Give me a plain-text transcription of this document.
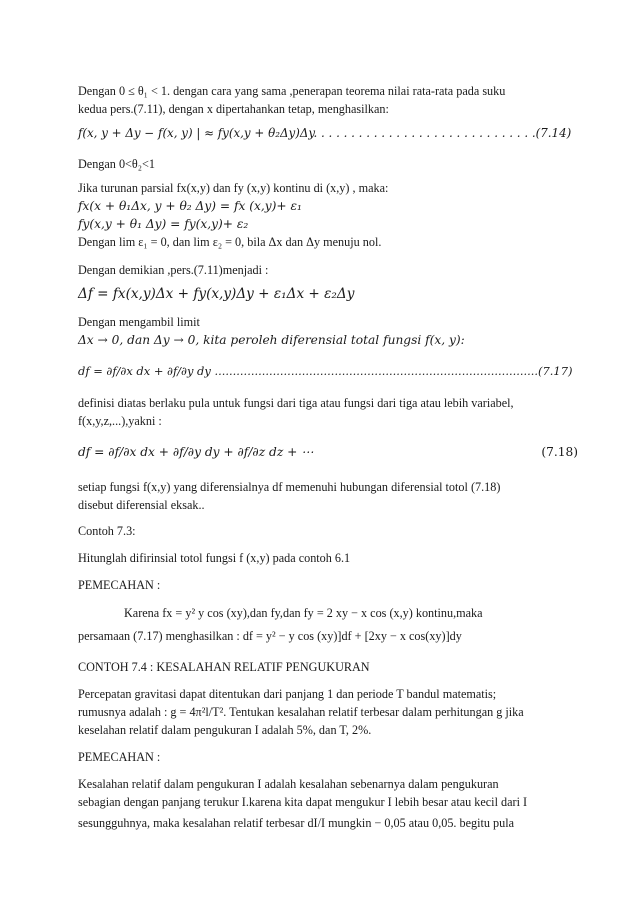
Dengan 0 ≤ θ₁ < 1. dengan cara yang sama ,penerapan teorema nilai rata-rata pada suku
kedua pers.(7.11), dengan x dipertahankan tetap, menghasilkan:
f(x, y + Δy − f(x, y) | ≈ fy(x,y + θ₂Δy)Δy. . . . . . . . . . . . . . . . . . . . . . . . . . . . . .(7.14)
Dengan 0<θ₂<1
Jika turunan parsial fx(x,y) dan fy (x,y) kontinu di (x,y) , maka:
fx(x + θ₁Δx, y + θ₂ Δy) = fx (x,y)+ ε₁
fy(x,y + θ₁ Δy) = fy(x,y)+ ε₂
Dengan lim ε₁ = 0, dan lim ε₂ = 0, bila Δx dan Δy menuju nol.
Dengan demikian ,pers.(7.11)menjadi :
Δf = fx(x,y)Δx + fy(x,y)Δy + ε₁Δx + ε₂Δy
Dengan mengambil limit
Δx → 0, dan Δy → 0, kita peroleh diferensial total fungsi f(x, y):
df = ∂f/∂x dx + ∂f/∂y dy .........................................................................................(7.17)
definisi diatas berlaku pula untuk fungsi dari tiga atau fungsi dari tiga atau lebih variabel,
f(x,y,z,...),yakni :
df = ∂f/∂x dx + ∂f/∂y dy + ∂f/∂z dz + ⋯	(7.18)
setiap fungsi f(x,y) yang diferensialnya df memenuhi hubungan diferensial totol (7.18)
disebut diferensial eksak..
Contoh 7.3:
Hitunglah difirinsial totol fungsi f (x,y) pada contoh 6.1
PEMECAHAN :
Karena fx = y² y cos (xy),dan fy,dan fy = 2 xy − x cos (x,y) kontinu,maka
persamaan (7.17) menghasilkan : df = y² − y cos (xy)]df + [2xy − x cos(xy)]dy
CONTOH 7.4 : KESALAHAN RELATIF PENGUKURAN
Percepatan gravitasi dapat ditentukan dari panjang 1 dan periode T bandul matematis;
rumusnya adalah : g = 4π²l/T². Tentukan kesalahan relatif terbesar dalam perhitungan g jika
keselahan relatif dalam pengukuran I adalah 5%, dan T, 2%.
PEMECAHAN :
Kesalahan relatif dalam pengukuran I adalah kesalahan sebenarnya dalam pengukuran
sebagian dengan panjang terukur I.karena kita dapat mengukur I lebih besar atau kecil dari I
sesungguhnya, maka kesalahan relatif terbesar dI/I mungkin − 0,05 atau 0,05. begitu pula
